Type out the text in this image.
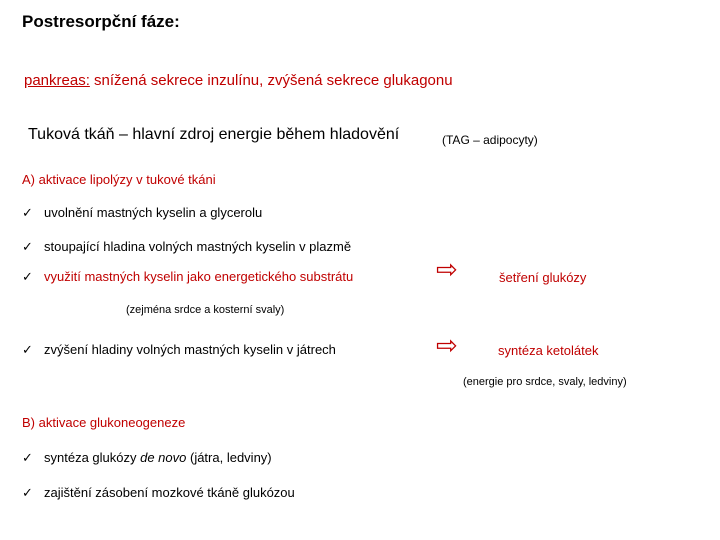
Postresorpční fáze:
pankreas: snížená sekrece inzulínu, zvýšená sekrece glukagonu
Tuková tkáň – hlavní zdroj energie během hladovění	(TAG – adipocyty)
A) aktivace lipolýzy v tukové tkáni
✓ uvolnění mastných kyselin a glycerolu
✓ stoupající hladina volných mastných kyselin v plazmě
✓ využití mastných kyselin jako energetického substrátu	⇨	šetření glukózy
(zejména srdce a kosterní svaly)
✓ zvýšení hladiny volných mastných kyselin v játrech	⇨	syntéza ketolátek
(energie pro srdce, svaly, ledviny)
B) aktivace glukoneogeneze
✓ syntéza glukózy de novo (játra, ledviny)
✓ zajištění zásobení mozkové tkáně glukózou
